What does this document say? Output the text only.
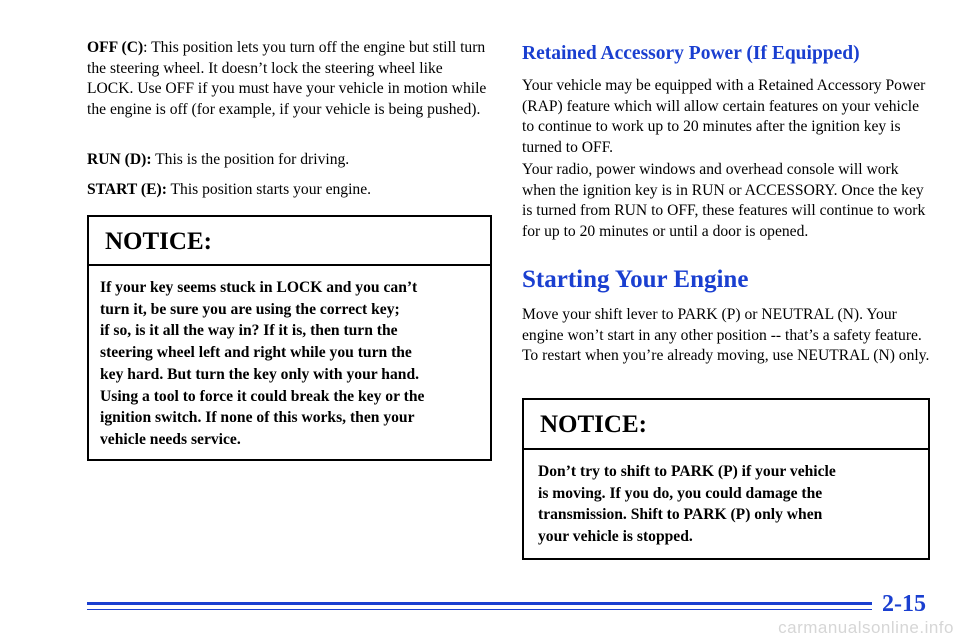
OFF (C): This position lets you turn off the engine but still turn the steering wheel. It doesn’t lock the steering wheel like LOCK. Use OFF if you must have your vehicle in motion while the engine is off (for example, if your vehicle is being pushed).

RUN (D): This is the position for driving.

START (E): This position starts your engine.

NOTICE:
If your key seems stuck in LOCK and you can’t
turn it, be sure you are using the correct key;
if so, is it all the way in? If it is, then turn the
steering wheel left and right while you turn the
key hard. But turn the key only with your hand.
Using a tool to force it could break the key or the
ignition switch. If none of this works, then your
vehicle needs service.
Retained Accessory Power (If Equipped)

Your vehicle may be equipped with a Retained Accessory Power (RAP) feature which will allow certain features on your vehicle to continue to work up to 20 minutes after the ignition key is turned to OFF.

Your radio, power windows and overhead console will work when the ignition key is in RUN or ACCESSORY. Once the key is turned from RUN to OFF, these features will continue to work for up to 20 minutes or until a door is opened.

Starting Your Engine

Move your shift lever to PARK (P) or NEUTRAL (N). Your engine won’t start in any other position -- that’s a safety feature. To restart when you’re already moving, use NEUTRAL (N) only.

NOTICE:
Don’t try to shift to PARK (P) if your vehicle
is moving. If you do, you could damage the
transmission. Shift to PARK (P) only when
your vehicle is stopped.
2-15
carmanualsonline.info
